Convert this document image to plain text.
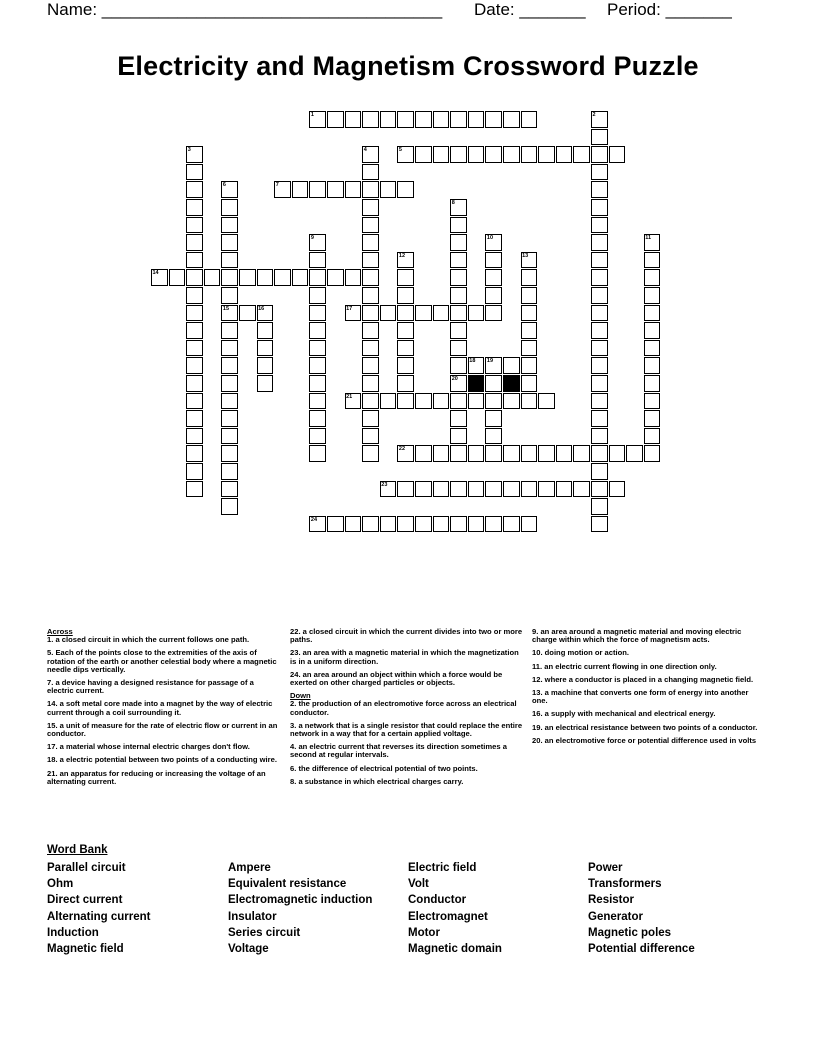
Name: ____________________________________ Date: _______ Period: _______
Electricity and Magnetism Crossword Puzzle
1	2
3	4	5
6	7
8
9	10	11
12	13
14
15	16	17
18 19
20
21
22
23
24
Across
1. a closed circuit in which the current follows one path.
5. Each of the points close to the extremities of the axis of rotation of the earth or another celestial body where a magnetic needle dips vertically.
7. a device having a designed resistance for passage of a electric current.
14. a soft metal core made into a magnet by the way of electric current through a coil surrounding it.
15. a unit of measure for the rate of electric flow or current in an conductor.
17. a material whose internal electric charges don't flow.
18. a electric potential between two points of a conducting wire.
21. an apparatus for reducing or increasing the voltage of an alternating current.
22. a closed circuit in which the current divides into two or more paths.
23. an area with a magnetic material in which the magnetization is in a uniform direction.
24. an area around an object within which a force would be exerted on other charged particles or objects.
Down
2. the production of an electromotive force across an electrical conductor.
3. a network that is a single resistor that could replace the entire network in a way that for a certain applied voltage.
4. an electric current that reverses its direction sometimes a second at regular intervals.
6. the difference of electrical potential of two points.
8. a substance in which electrical charges carry.
9. an area around a magnetic material and moving electric charge within which the force of magnetism acts.
10. doing motion or action.
11. an electric current flowing in one direction only.
12. where a conductor is placed in a changing magnetic field.
13. a machine that converts one form of energy into another one.
16. a supply with mechanical and electrical energy.
19. an electrical resistance between two points of a conductor.
20. an electromotive force or potential difference used in volts
Word Bank
Parallel circuit
Ohm
Direct current
Alternating current
Induction
Magnetic field
Ampere
Equivalent resistance
Electromagnetic induction
Insulator
Series circuit
Voltage
Electric field
Volt
Conductor
Electromagnet
Motor
Magnetic domain
Power
Transformers
Resistor
Generator
Magnetic poles
Potential difference
